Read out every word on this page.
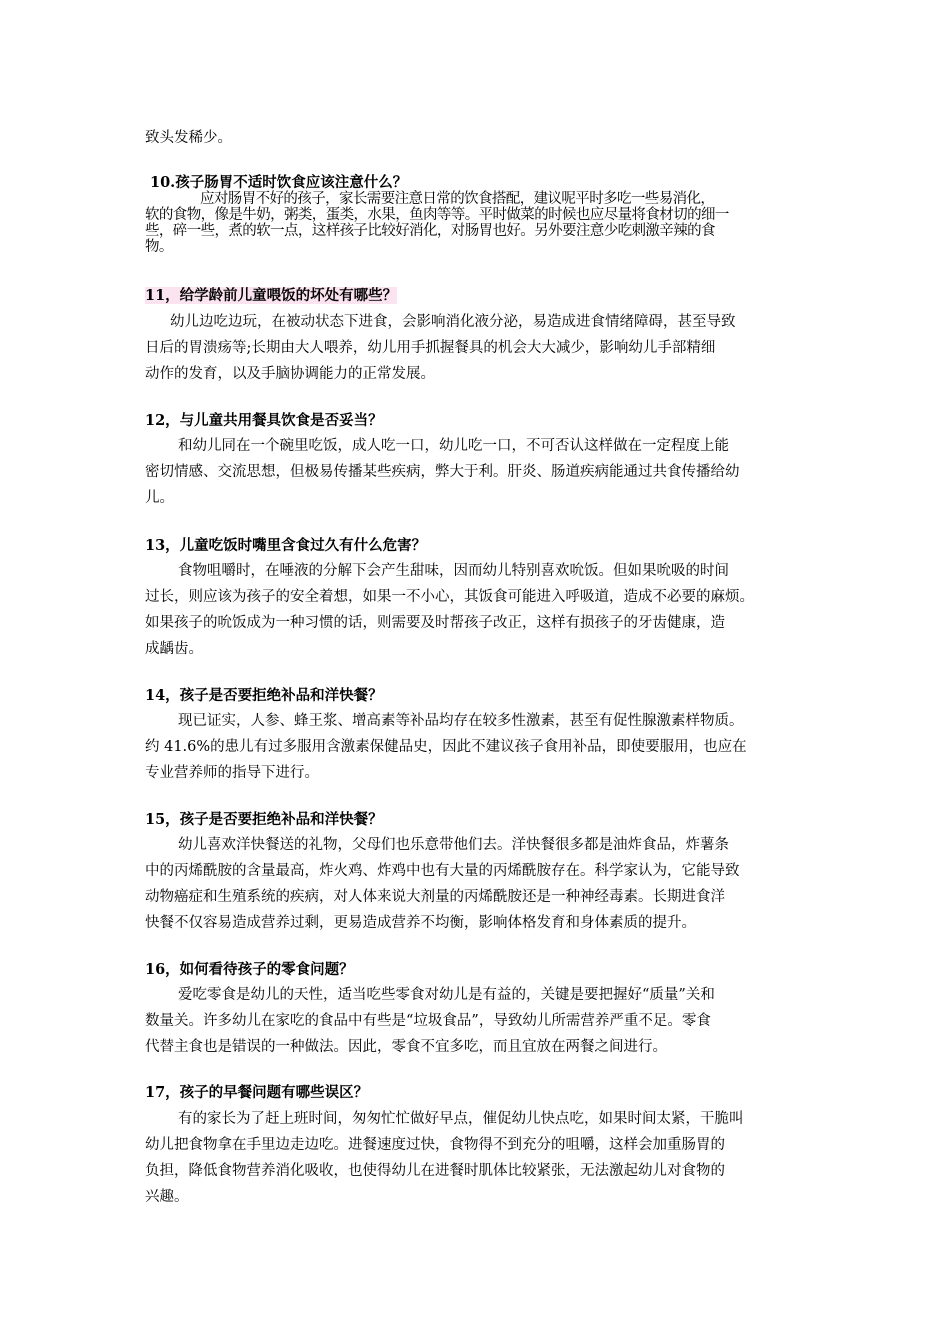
致头发稀少。
10.孩子肠胃不适时饮食应该注意什么？
应对肠胃不好的孩子，家长需要注意日常的饮食搭配，建议呢平时多吃一些易消化，
软的食物，像是牛奶，粥类，蛋类，水果，鱼肉等等。平时做菜的时候也应尽量将食材切的细一
些，碎一些，煮的软一点，这样孩子比较好消化，对肠胃也好。另外要注意少吃刺激辛辣的食
物。
11，给学龄前儿童喂饭的坏处有哪些？
幼儿边吃边玩，在被动状态下进食，会影响消化液分泌，易造成进食情绪障碍，甚至导致
日后的胃溃疡等;长期由大人喂养，幼儿用手抓握餐具的机会大大减少，影响幼儿手部精细
动作的发育，以及手脑协调能力的正常发展。
12，与儿童共用餐具饮食是否妥当？
和幼儿同在一个碗里吃饭，成人吃一口，幼儿吃一口，不可否认这样做在一定程度上能
密切情感、交流思想，但极易传播某些疾病，弊大于利。肝炎、肠道疾病能通过共食传播给幼
儿。
13，儿童吃饭时嘴里含食过久有什么危害？
食物咀嚼时，在唾液的分解下会产生甜味，因而幼儿特别喜欢吮饭。但如果吮吸的时间
过长，则应该为孩子的安全着想，如果一不小心，其饭食可能进入呼吸道，造成不必要的麻烦。
如果孩子的吮饭成为一种习惯的话，则需要及时帮孩子改正，这样有损孩子的牙齿健康，造
成龋齿。
14，孩子是否要拒绝补品和洋快餐？
现已证实，人参、蜂王浆、增高素等补品均存在较多性激素，甚至有促性腺激素样物质。
约 41.6%的患儿有过多服用含激素保健品史，因此不建议孩子食用补品，即使要服用，也应在
专业营养师的指导下进行。
15，孩子是否要拒绝补品和洋快餐？
幼儿喜欢洋快餐送的礼物，父母们也乐意带他们去。洋快餐很多都是油炸食品，炸薯条
中的丙烯酰胺的含量最高，炸火鸡、炸鸡中也有大量的丙烯酰胺存在。科学家认为，它能导致
动物癌症和生殖系统的疾病，对人体来说大剂量的丙烯酰胺还是一种神经毒素。长期进食洋
快餐不仅容易造成营养过剩，更易造成营养不均衡，影响体格发育和身体素质的提升。
16，如何看待孩子的零食问题？
爱吃零食是幼儿的天性，适当吃些零食对幼儿是有益的，关键是要把握好“质量”关和
数量关。许多幼儿在家吃的食品中有些是“垃圾食品”，导致幼儿所需营养严重不足。零食
代替主食也是错误的一种做法。因此，零食不宜多吃，而且宜放在两餐之间进行。
17，孩子的早餐问题有哪些误区？
有的家长为了赶上班时间，匆匆忙忙做好早点，催促幼儿快点吃，如果时间太紧，干脆叫
幼儿把食物拿在手里边走边吃。进餐速度过快，食物得不到充分的咀嚼，这样会加重肠胃的
负担，降低食物营养消化吸收，也使得幼儿在进餐时肌体比较紧张，无法激起幼儿对食物的
兴趣。
